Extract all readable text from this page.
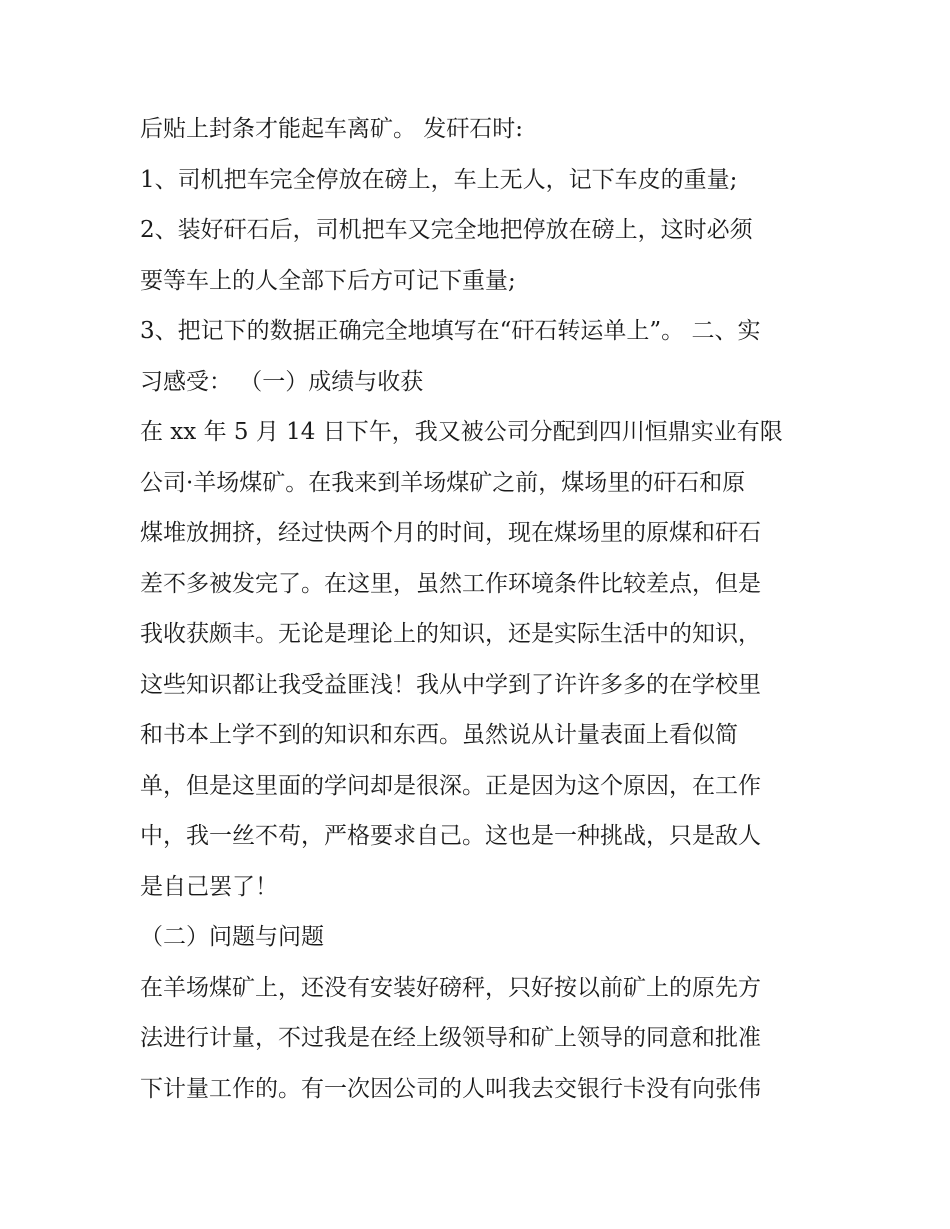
后贴上封条才能起车离矿。 发矸石时:
1、司机把车完全停放在磅上，车上无人，记下车皮的重量;
2、装好矸石后，司机把车又完全地把停放在磅上，这时必须
要等车上的人全部下后方可记下重量;
3、把记下的数据正确完全地填写在“矸石转运单上”。 二、实
习感受： （一）成绩与收获
在 xx 年 5 月 14 日下午，我又被公司分配到四川恒鼎实业有限
公司·羊场煤矿。在我来到羊场煤矿之前，煤场里的矸石和原
煤堆放拥挤，经过快两个月的时间，现在煤场里的原煤和矸石
差不多被发完了。在这里，虽然工作环境条件比较差点，但是
我收获颇丰。无论是理论上的知识，还是实际生活中的知识，
这些知识都让我受益匪浅！我从中学到了许许多多的在学校里
和书本上学不到的知识和东西。虽然说从计量表面上看似简
单，但是这里面的学问却是很深。正是因为这个原因，在工作
中，我一丝不苟，严格要求自己。这也是一种挑战，只是敌人
是自己罢了！
（二）问题与问题
在羊场煤矿上，还没有安装好磅秤，只好按以前矿上的原先方
法进行计量，不过我是在经上级领导和矿上领导的同意和批准
下计量工作的。有一次因公司的人叫我去交银行卡没有向张伟
